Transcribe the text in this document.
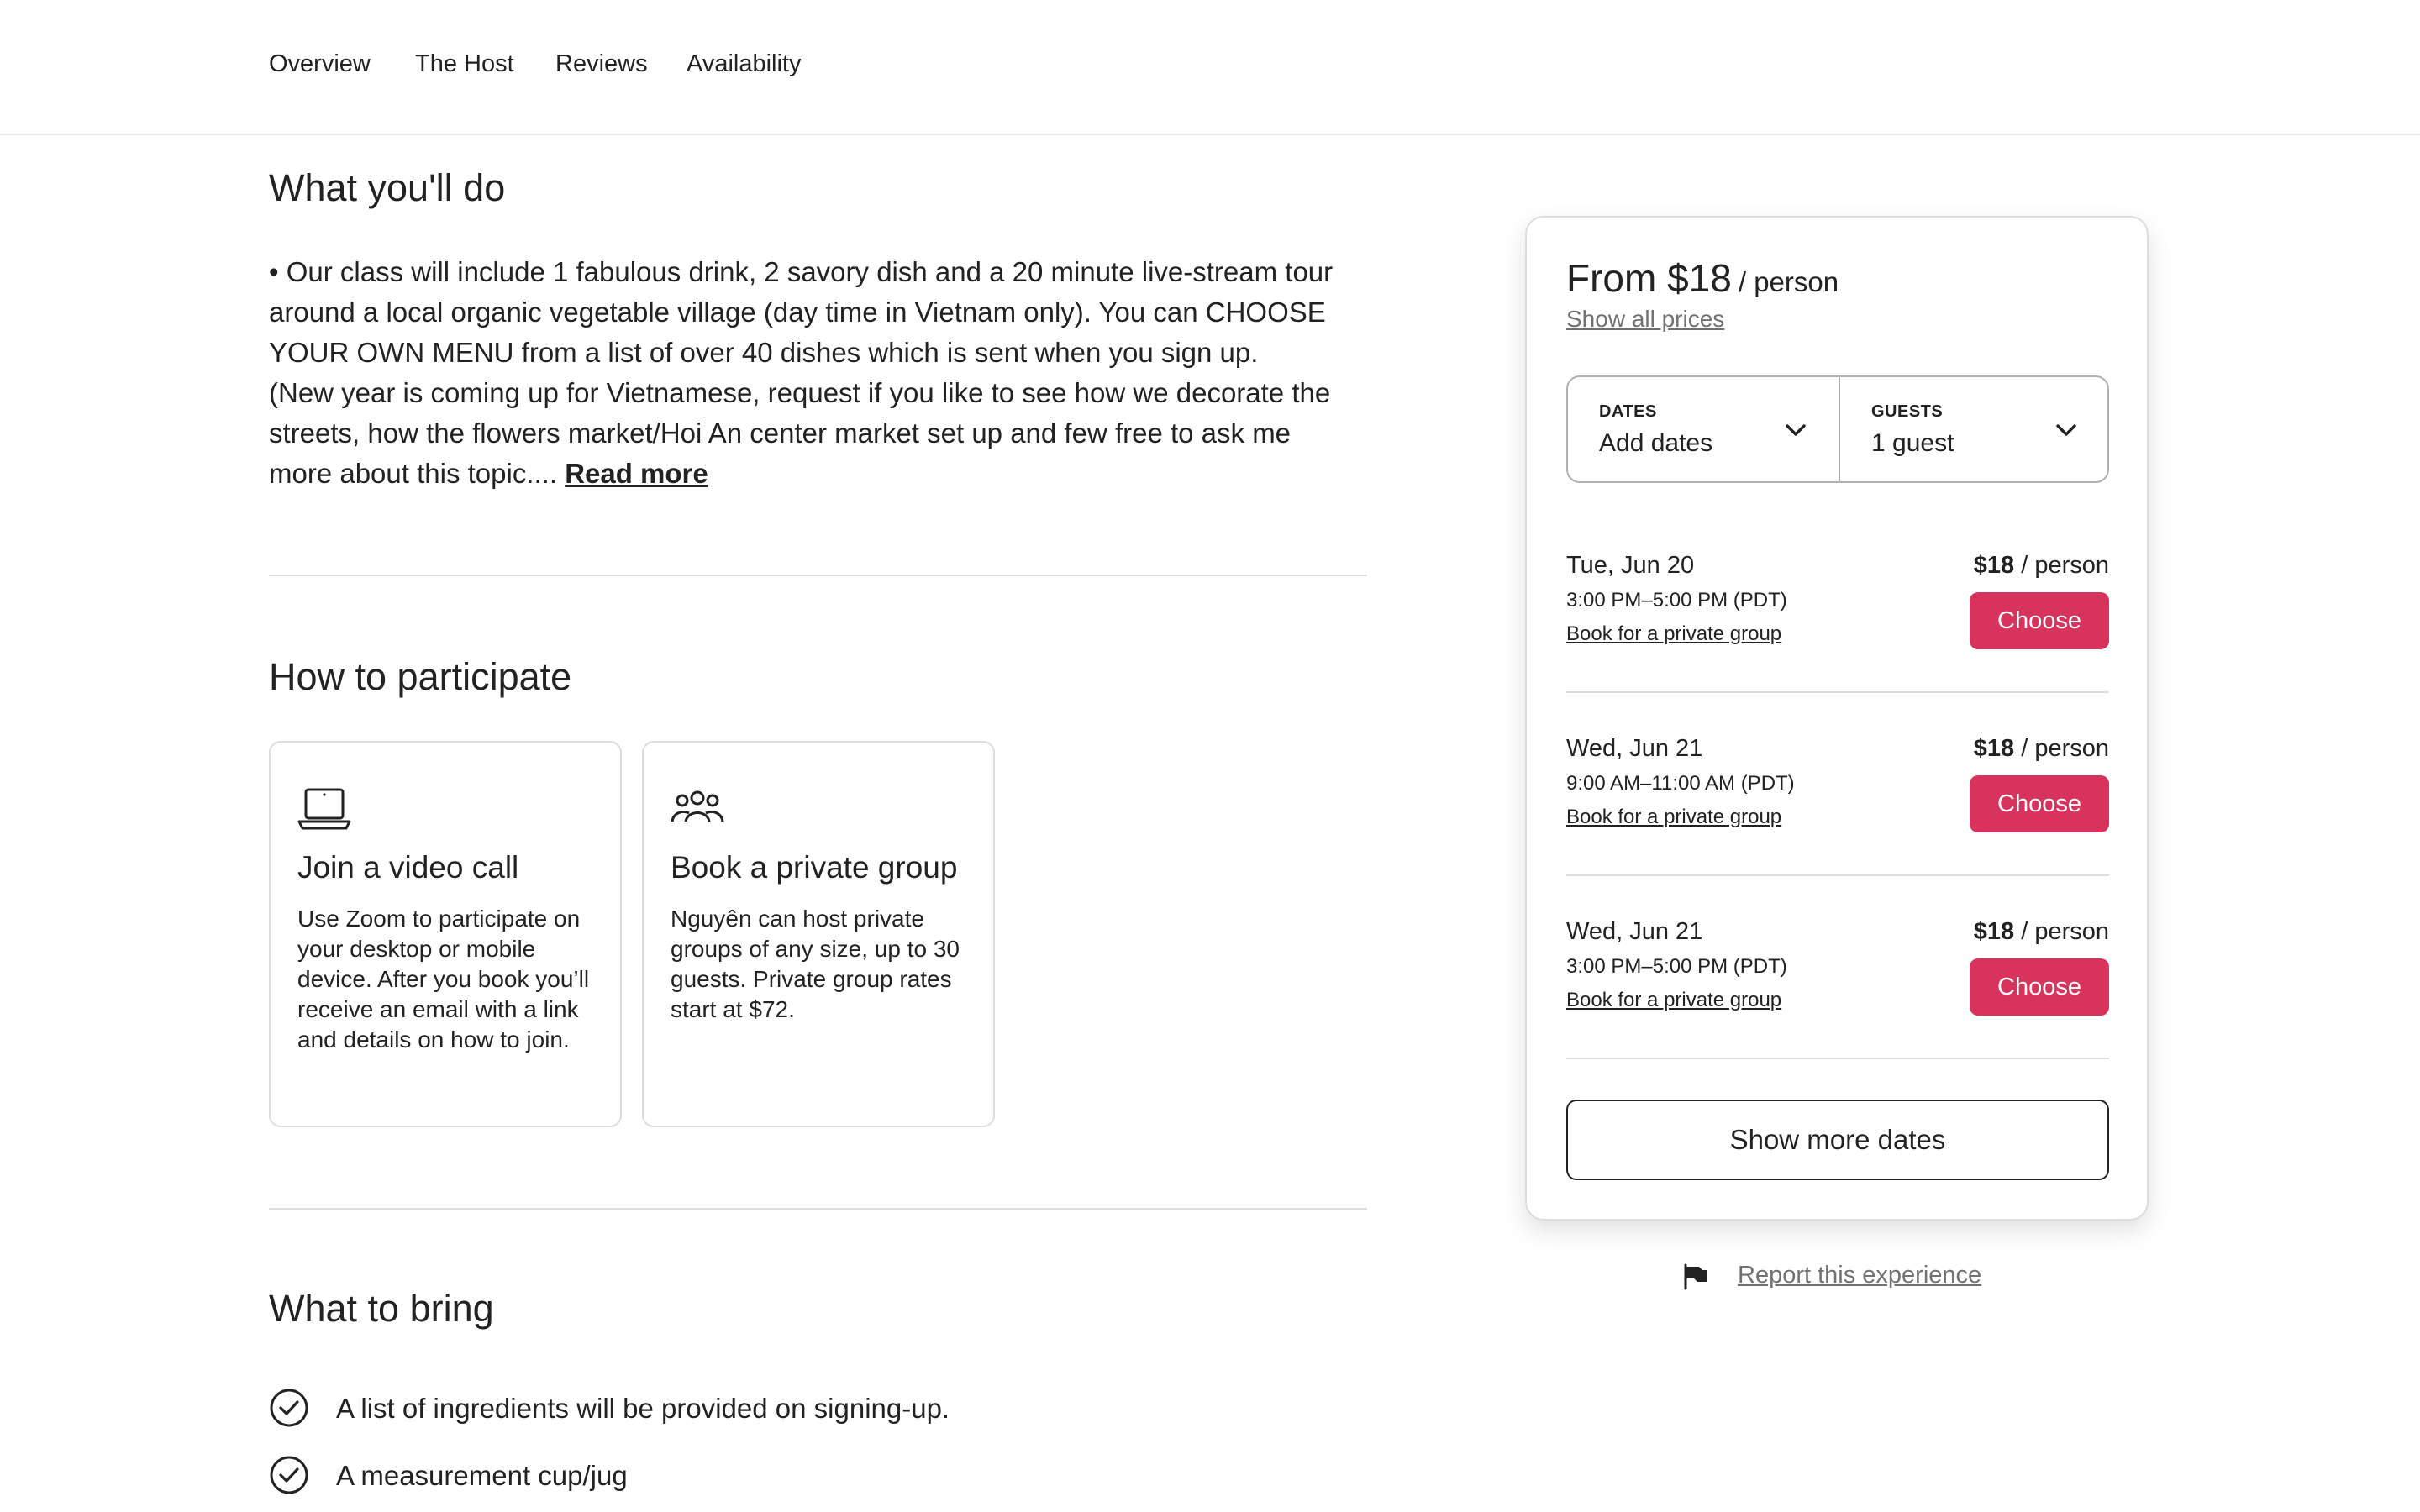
Overview The Host Reviews Availability
What you'll do
• Our class will include 1 fabulous drink, 2 savory dish and a 20 minute live-stream tour
around a local organic vegetable village (day time in Vietnam only). You can CHOOSE
YOUR OWN MENU from a list of over 40 dishes which is sent when you sign up.
(New year is coming up for Vietnamese, request if you like to see how we decorate the
streets, how the flowers market/Hoi An center market set up and few free to ask me
more about this topic.... Read more
How to participate
Join a video call
Use Zoom to participate on your desktop or mobile device. After you book you’ll receive an email with a link and details on how to join.
Book a private group
Nguyên can host private groups of any size, up to 30 guests. Private group rates start at $72.
What to bring
A list of ingredients will be provided on signing-up.
A measurement cup/jug
From $18 / person
Show all prices
DATES
Add dates
GUESTS
1 guest
Tue, Jun 20
3:00 PM–5:00 PM (PDT)
Book for a private group
$18 / person
Choose
Wed, Jun 21
9:00 AM–11:00 AM (PDT)
Book for a private group
$18 / person
Choose
Wed, Jun 21
3:00 PM–5:00 PM (PDT)
Book for a private group
$18 / person
Choose
Show more dates
Report this experience
